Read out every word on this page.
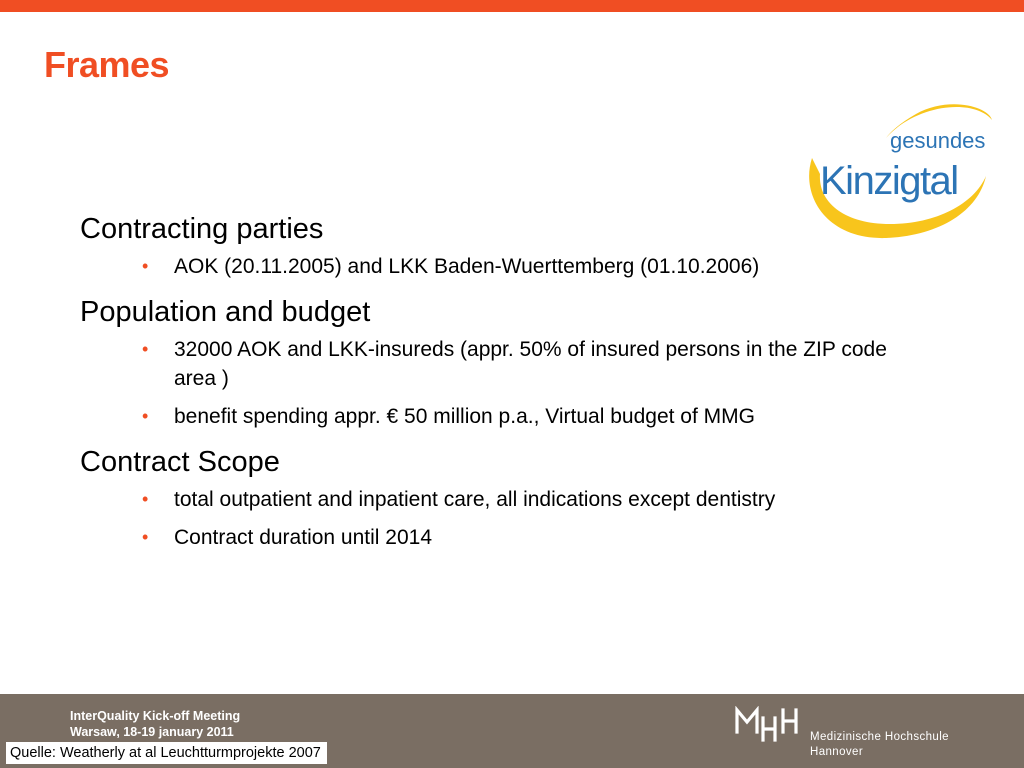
Frames
gesundes
Kinzigtal
Contracting parties
• AOK (20.11.2005) and LKK Baden-Wuerttemberg (01.10.2006)
Population and budget
• 32000 AOK and LKK-insureds (appr. 50% of insured persons in the ZIP code area )
• benefit spending appr. € 50 million p.a., Virtual budget of MMG
Contract Scope
• total outpatient and inpatient care, all indications except dentistry
• Contract duration until 2014
InterQuality Kick-off Meeting
Warsaw, 18-19 january 2011
Quelle: Weatherly at al Leuchtturmprojekte 2007
Medizinische Hochschule
Hannover
